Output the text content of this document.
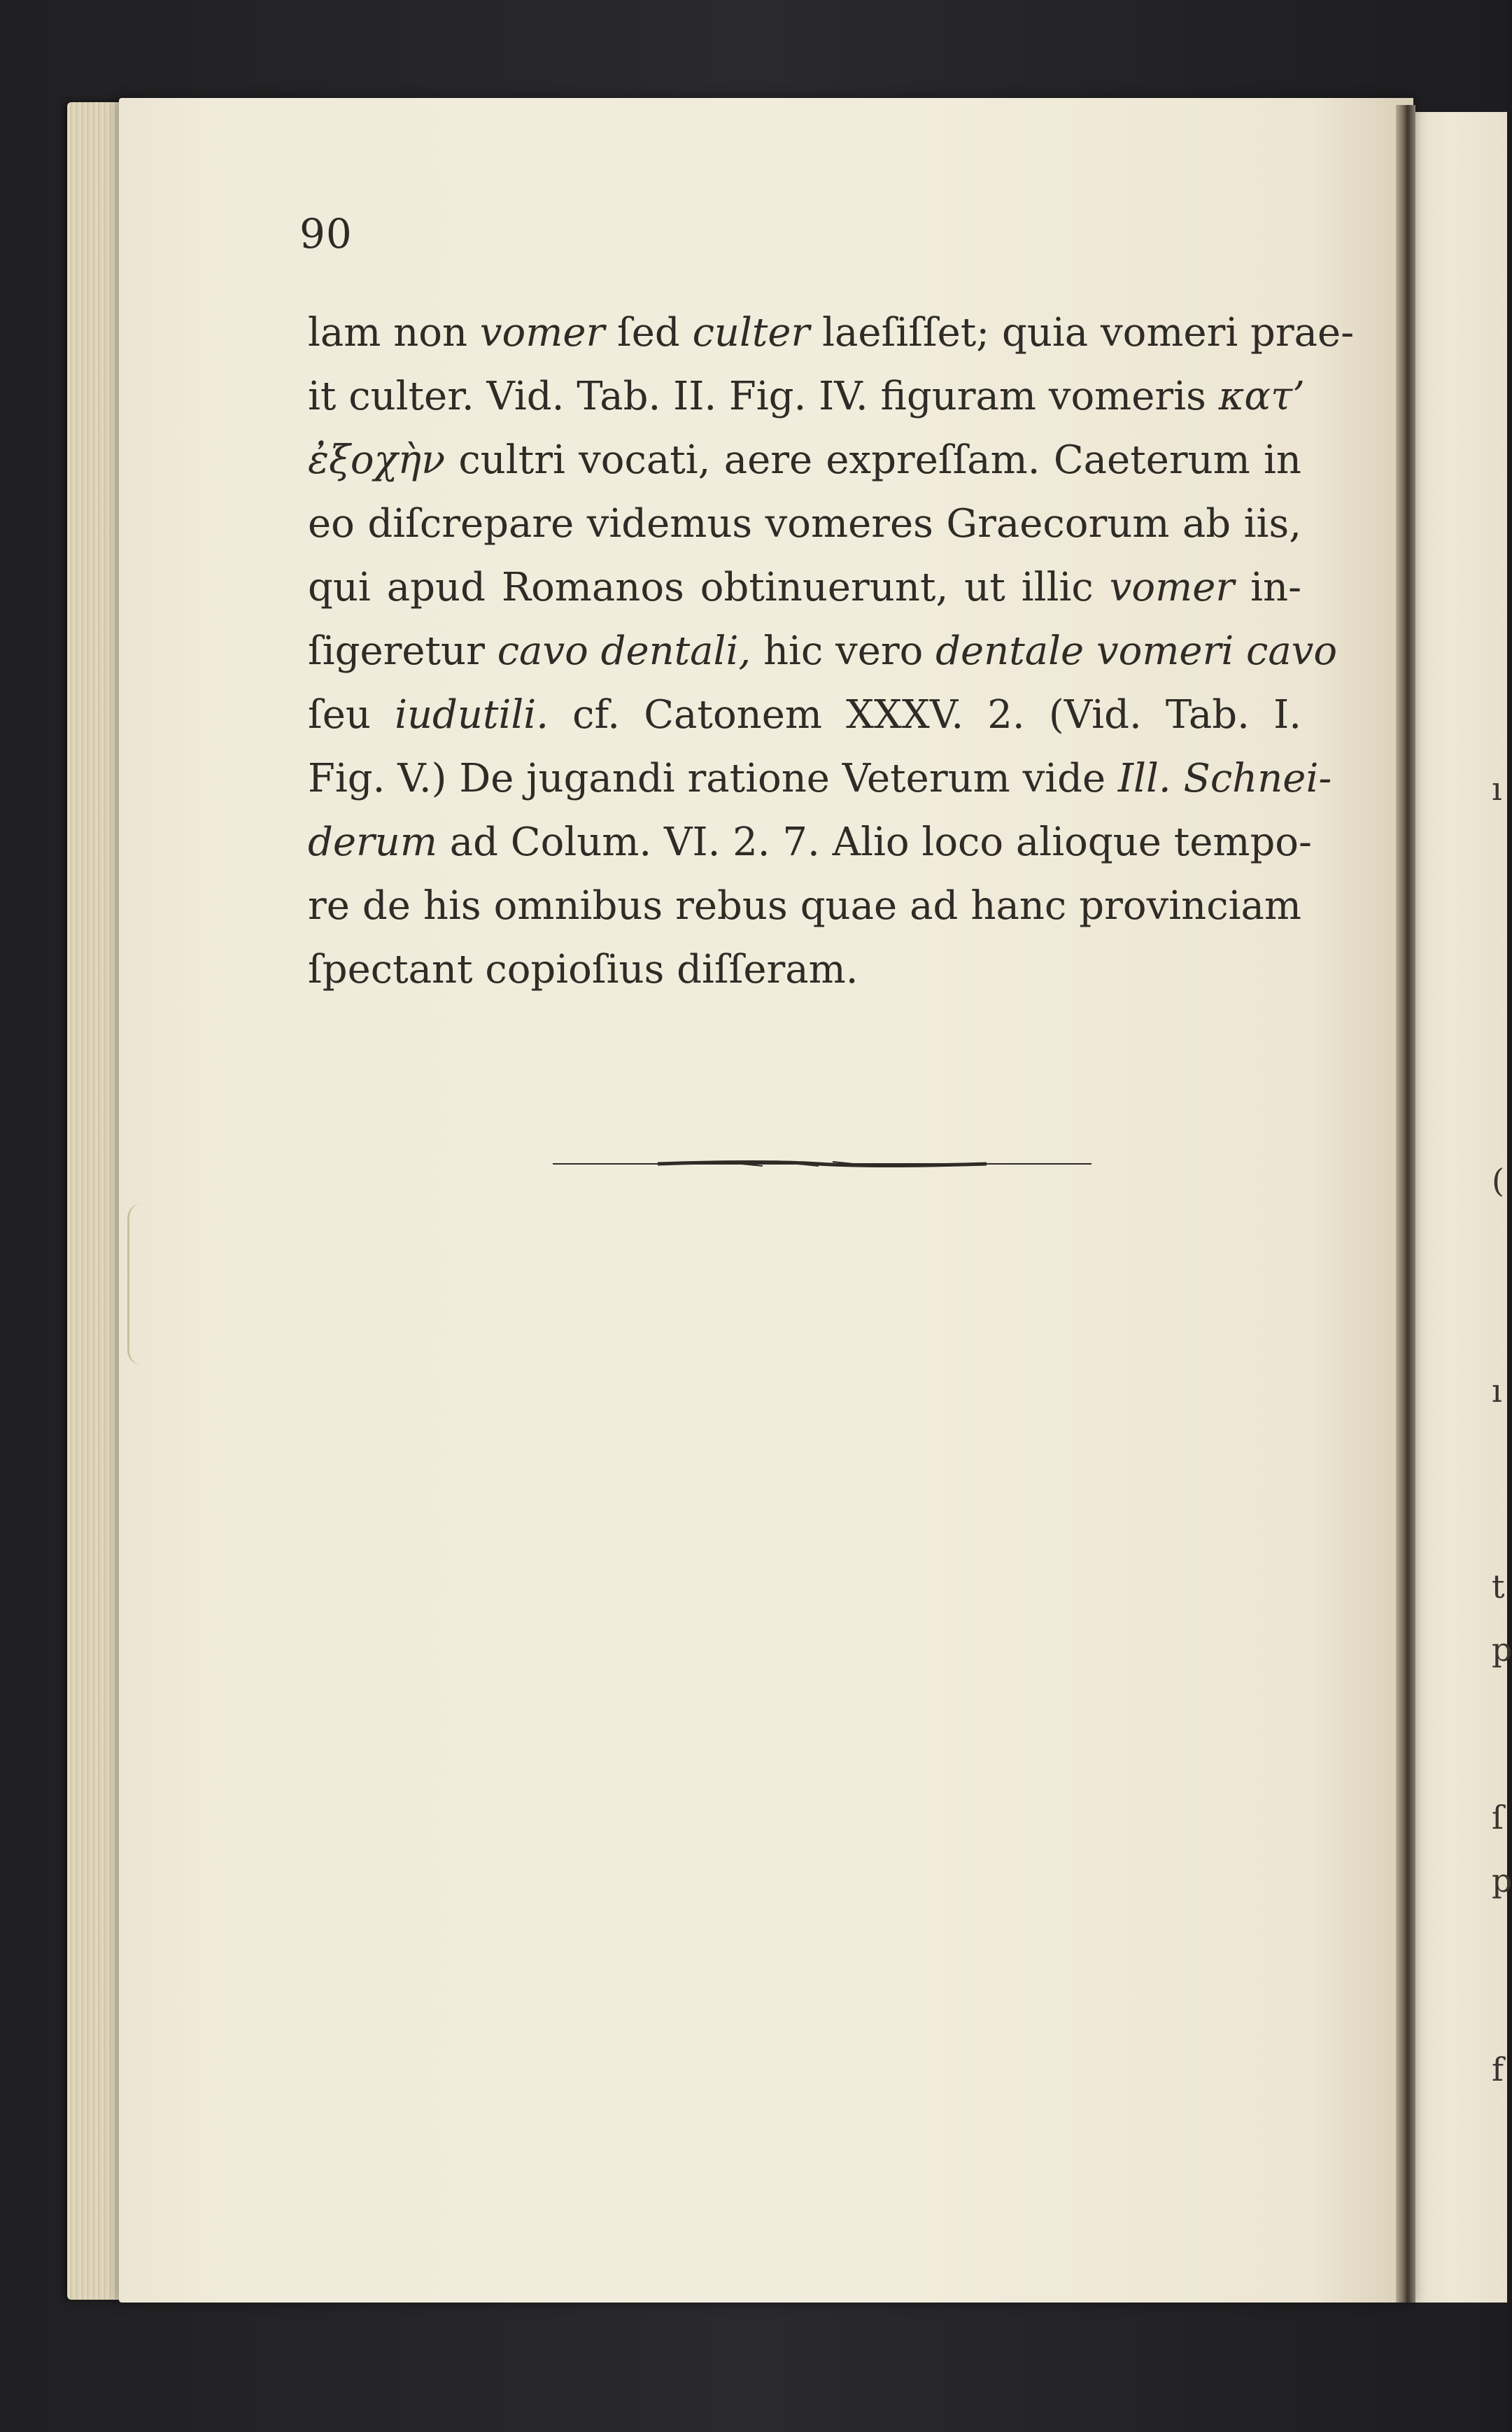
ı
(
ı
t
p
ſ
p
f
90
lam non vomer ſed culter laeſiſſet; quia vomeri prae-
it culter. Vid. Tab. II. Fig. IV. figuram vomeris κατ’
ἐξοχὴν cultri vocati, aere expreſſam. Caeterum in
eo diſcrepare videmus vomeres Graecorum ab iis,
qui apud Romanos obtinuerunt, ut illic vomer in-
ſigeretur cavo dentali, hic vero dentale vomeri cavo
ſeu iudutili. cf. Catonem XXXV. 2. (Vid. Tab. I.
Fig. V.) De jugandi ratione Veterum vide Ill. Schnei-
derum ad Colum. VI. 2. 7. Alio loco alioque tempo-
re de his omnibus rebus quae ad hanc provinciam
ſpectant copioſius diſſeram.
